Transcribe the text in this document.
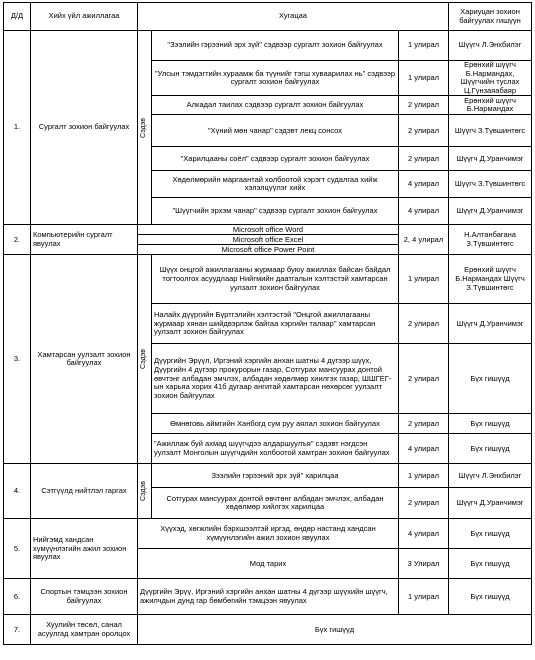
Д/Д	Хийх үйл ажиллагаа	Хугацаа			Хариуцан зохион байгуулах гишүүн
1.	Сургалт зохион байгуулах	Сэдэв	"Зээлийн гэрээний эрх зүй" сэдвээр сургалт зохион байгуулах	1 улирал	Шүүгч Л.Энхбилэг
			"Улсын тэмдэгтийн хураамж ба түүнийг тэгш хуваарилах нь" сэдвээр сургалт зохион байгуулах	1 улирал	Ерөнхий шүүгч Б.Нармандах, Шүүгчийн туслах Ц.Гүнзаяабаяр
			Алкадал таилах сэдвээр сургалт зохион байгуулах	2 улирал	Ерөнхий шүүгч Б.Нармандах
			"Хүний мөн чанар" сэдэвт лекц сонсох	2 улирал	Шүүгч З.Түвшинтөгс
			"Харилцааны соёл" сэдвээр сургалт зохион байгуулах	2 улирал	Шүүгч Д.Уранчимэг
			Хөдөлмөрийн маргаантай холбоотой хэрэгт судалгаа хийж хэлэлцүүлэг хийх	4 улирал	Шүүгч З.Түвшинтөгс
			"Шүүгчийн эрхэм чанар" сэдвээр сургалт зохион байгуулах	4 улирал	Шүүгч Д.Уранчимэг
2.	Компьютерийн сургалт явуулах	Microsoft office Word		2, 4 улирал	Н.Алтанбагана З.Түвшинтөгс
		Microsoft office Excel			
		Microsoft office Power Point			
3.	Хамтарсан уулзалт зохион байгуулах	Сэдэв	Шүүх онцгой ажиллагааны журмаар буюу ажиллах байсан байдал тогтоолгох асуудлаар Нийгмийн даатгалын хэлтэстэй хамтарсан уулзалт зохион байгуулах	1 улирал	Ерөнхий шүүгч Б.Нармандах Шүүгч З.Түвшинтөгс
			Налайх дүүргийн Бүртгэлийн хэлтэстэй "Онцгой ажиллагааны журмаар хянан шийдвэрлэж байгаа хэргийн талаар" хамтарсан уулзалт зохион байгуулах	2 улирал	Шүүгч Д.Уранчимэг
			Дүүргийн Эрүүл, Иргэний хэргийн анхан шатны 4 дүгээр шүүх, Дүүргийн 4 дүгээр прокурорын газар, Сотгурах мансуурах донтой өвчтэнг албадан эмчлэх, албадан хөдөлмөр хиилгэх газар, ШШГЕГ-ын харьяа хорих 41б дугаар ангитай хамтарсан нөхөрсөг уулзалт зохион байгуулах	2 улирал	Бүх гишүүд
			Өмнөговь аймгийн Ханбогд сум руу аялал зохион байгуулах	2 улирал	Бүх гишүүд
			"Ажиллаж буй ахмад шүүгчдээ алдаршуулъя" сэдэвт нэгдсэн уулзалт Монголын шүүгчдийн холбоотой хамтран зохион байгуулах	4 улирал	Бүх гишүүд
4.	Сэтгүүлд нийтлэл гаргах	Сэдэв	Зээлийн гэрээний эрх зүй" харилцаа	1 улирал	Шүүгч Л.Энхбилэг
			Сотгурах мансуурах донтой өвчтөнг албадан эмчлэх, албадан хөдөлмөр хийлгэх харилцаа	2 улирал	Шүүгч Д.Уранчимэг
5.	Нийгэмд хандсан хүмүүнлэгийн ажил зохион явуулах	Хүүхэд, хөгжлийн бэрхшээлтэй иргэд, өндөр настанд хандсан хүмүүнлэгийн ажил зохион явуулах		4 улирал	Бүх гишүүд
		Мод тарих		3 Улирал	Бүх гишүүд
6.	Спортын тэмцээн зохион байгуулах	Дүүргийн Эрүү, Иргэний хэргийн анхан шатны 4 дүгээр шүүхийн шүүгч, ажилчдын дунд гар бөмбөгийн тэмцээн явуулах		1 улирал	Бүх гишүүд
7.	Хуулийн төсөл, санал асуулгад хамтран оролцох	Бүх гишүүд			
